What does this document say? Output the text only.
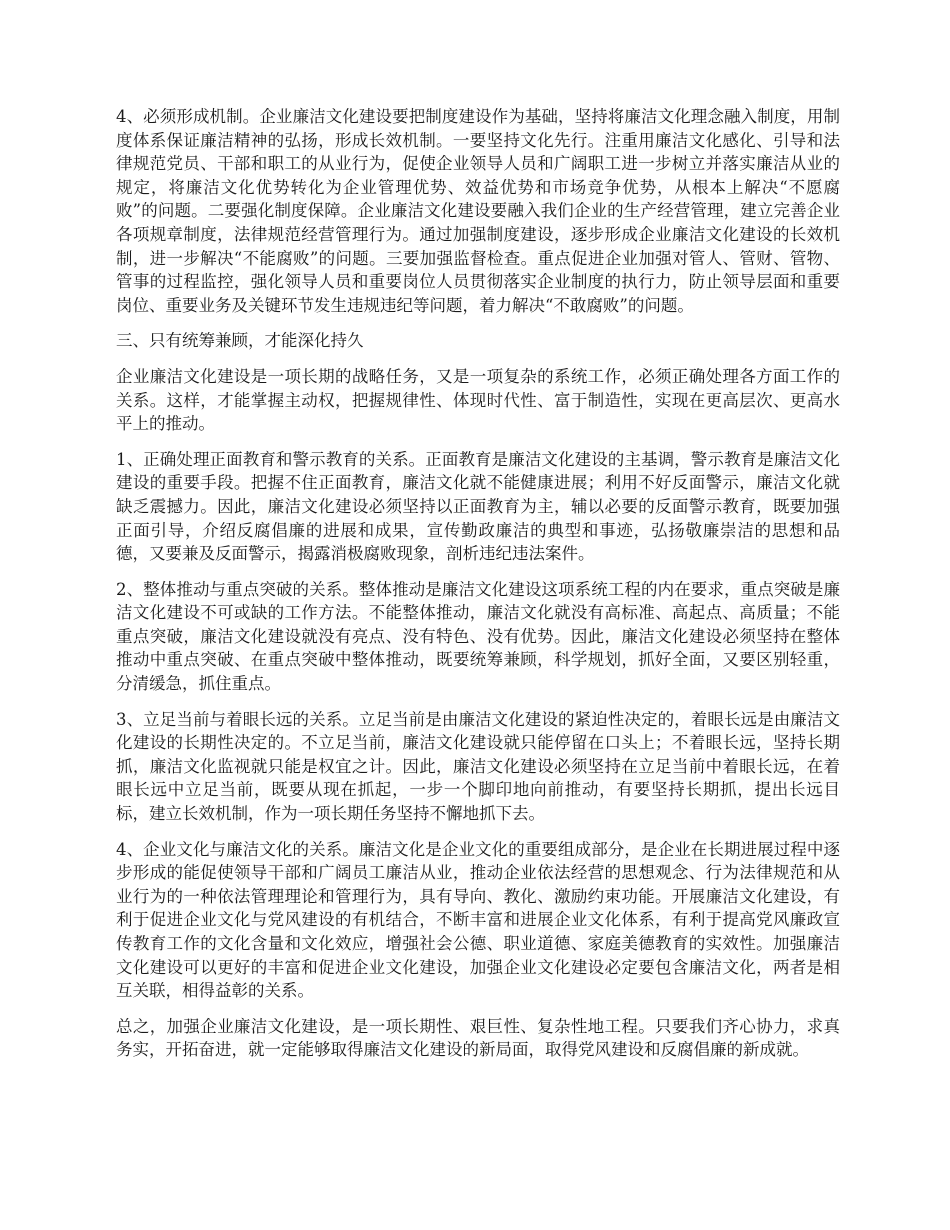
4、必须形成机制。企业廉洁文化建设要把制度建设作为基础，坚持将廉洁文化理念融入制度，用制度体系保证廉洁精神的弘扬，形成长效机制。一要坚持文化先行。注重用廉洁文化感化、引导和法律规范党员、干部和职工的从业行为，促使企业领导人员和广阔职工进一步树立并落实廉洁从业的规定，将廉洁文化优势转化为企业管理优势、效益优势和市场竞争优势，从根本上解决“不愿腐败”的问题。二要强化制度保障。企业廉洁文化建设要融入我们企业的生产经营管理，建立完善企业各项规章制度，法律规范经营管理行为。通过加强制度建设，逐步形成企业廉洁文化建设的长效机制，进一步解决“不能腐败”的问题。三要加强监督检查。重点促进企业加强对管人、管财、管物、管事的过程监控，强化领导人员和重要岗位人员贯彻落实企业制度的执行力，防止领导层面和重要岗位、重要业务及关键环节发生违规违纪等问题，着力解决“不敢腐败”的问题。

三、只有统筹兼顾，才能深化持久

企业廉洁文化建设是一项长期的战略任务，又是一项复杂的系统工作，必须正确处理各方面工作的关系。这样，才能掌握主动权，把握规律性、体现时代性、富于制造性，实现在更高层次、更高水平上的推动。

1、正确处理正面教育和警示教育的关系。正面教育是廉洁文化建设的主基调，警示教育是廉洁文化建设的重要手段。把握不住正面教育，廉洁文化就不能健康进展；利用不好反面警示，廉洁文化就缺乏震撼力。因此，廉洁文化建设必须坚持以正面教育为主，辅以必要的反面警示教育，既要加强正面引导，介绍反腐倡廉的进展和成果，宣传勤政廉洁的典型和事迹，弘扬敬廉崇洁的思想和品德，又要兼及反面警示，揭露消极腐败现象，剖析违纪违法案件。

2、整体推动与重点突破的关系。整体推动是廉洁文化建设这项系统工程的内在要求，重点突破是廉洁文化建设不可或缺的工作方法。不能整体推动，廉洁文化就没有高标准、高起点、高质量；不能重点突破，廉洁文化建设就没有亮点、没有特色、没有优势。因此，廉洁文化建设必须坚持在整体推动中重点突破、在重点突破中整体推动，既要统筹兼顾，科学规划，抓好全面，又要区别轻重，分清缓急，抓住重点。

3、立足当前与着眼长远的关系。立足当前是由廉洁文化建设的紧迫性决定的，着眼长远是由廉洁文化建设的长期性决定的。不立足当前，廉洁文化建设就只能停留在口头上；不着眼长远，坚持长期抓，廉洁文化监视就只能是权宜之计。因此，廉洁文化建设必须坚持在立足当前中着眼长远，在着眼长远中立足当前，既要从现在抓起，一步一个脚印地向前推动，有要坚持长期抓，提出长远目标，建立长效机制，作为一项长期任务坚持不懈地抓下去。

4、企业文化与廉洁文化的关系。廉洁文化是企业文化的重要组成部分，是企业在长期进展过程中逐步形成的能促使领导干部和广阔员工廉洁从业，推动企业依法经营的思想观念、行为法律规范和从业行为的一种依法管理理论和管理行为，具有导向、教化、激励约束功能。开展廉洁文化建设，有利于促进企业文化与党风建设的有机结合，不断丰富和进展企业文化体系，有利于提高党风廉政宣传教育工作的文化含量和文化效应，增强社会公德、职业道德、家庭美德教育的实效性。加强廉洁文化建设可以更好的丰富和促进企业文化建设，加强企业文化建设必定要包含廉洁文化，两者是相互关联，相得益彰的关系。

总之，加强企业廉洁文化建设，是一项长期性、艰巨性、复杂性地工程。只要我们齐心协力，求真务实，开拓奋进，就一定能够取得廉洁文化建设的新局面，取得党风建设和反腐倡廉的新成就。
